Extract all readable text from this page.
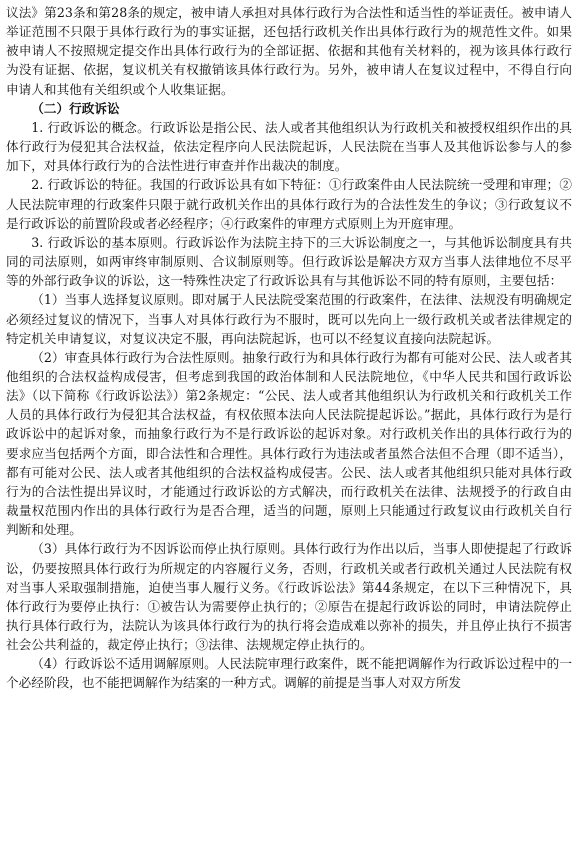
议法》第23条和第28条的规定，被申请人承担对具体行政行为合法性和适当性的举证责任。被申请人举证范围不只限于具体行政行为的事实证据，还包括行政机关作出具体行政行为的规范性文件。如果被申请人不按照规定提交作出具体行政行为的全部证据、依据和其他有关材料的，视为该具体行政行为没有证据、依据，复议机关有权撤销该具体行政行为。另外，被申请人在复议过程中，不得自行向申请人和其他有关组织或个人收集证据。

（二）行政诉讼

1. 行政诉讼的概念。行政诉讼是指公民、法人或者其他组织认为行政机关和被授权组织作出的具体行政行为侵犯其合法权益，依法定程序向人民法院起诉，人民法院在当事人及其他诉讼参与人的参加下，对具体行政行为的合法性进行审查并作出裁决的制度。

2. 行政诉讼的特征。我国的行政诉讼具有如下特征：①行政案件由人民法院统一受理和审理；②人民法院审理的行政案件只限于就行政机关作出的具体行政行为的合法性发生的争议；③行政复议不是行政诉讼的前置阶段或者必经程序；④行政案件的审理方式原则上为开庭审理。

3. 行政诉讼的基本原则。行政诉讼作为法院主持下的三大诉讼制度之一，与其他诉讼制度具有共同的司法原则，如两审终审制原则、合议制原则等。但行政诉讼是解决方双方当事人法律地位不尽平等的外部行政争议的诉讼，这一特殊性决定了行政诉讼具有与其他诉讼不同的特有原则，主要包括：

（1）当事人选择复议原则。即对属于人民法院受案范围的行政案件，在法律、法规没有明确规定必须经过复议的情况下，当事人对具体行政行为不服时，既可以先向上一级行政机关或者法律规定的特定机关申请复议，对复议决定不服，再向法院起诉，也可以不经复议直接向法院起诉。

（2）审查具体行政行为合法性原则。抽象行政行为和具体行政行为都有可能对公民、法人或者其他组织的合法权益构成侵害，但考虑到我国的政治体制和人民法院地位，《中华人民共和国行政诉讼法》（以下简称《行政诉讼法》）第2条规定：“公民、法人或者其他组织认为行政机关和行政机关工作人员的具体行政行为侵犯其合法权益，有权依照本法向人民法院提起诉讼。”据此，具体行政行为是行政诉讼中的起诉对象，而抽象行政行为不是行政诉讼的起诉对象。对行政机关作出的具体行政行为的要求应当包括两个方面，即合法性和合理性。具体行政行为违法或者虽然合法但不合理（即不适当），都有可能对公民、法人或者其他组织的合法权益构成侵害。公民、法人或者其他组织只能对具体行政行为的合法性提出异议时，才能通过行政诉讼的方式解决，而行政机关在法律、法规授予的行政自由裁量权范围内作出的具体行政行为是否合理，适当的问题，原则上只能通过行政复议由行政机关自行判断和处理。

（3）具体行政行为不因诉讼而停止执行原则。具体行政行为作出以后，当事人即使提起了行政诉讼，仍要按照具体行政行为所规定的内容履行义务，否则，行政机关或者行政机关通过人民法院有权对当事人采取强制措施，迫使当事人履行义务。《行政诉讼法》第44条规定，在以下三种情况下，具体行政行为要停止执行：①被告认为需要停止执行的；②原告在提起行政诉讼的同时，申请法院停止执行具体行政行为，法院认为该具体行政行为的执行将会造成难以弥补的损失，并且停止执行不损害社会公共利益的，裁定停止执行；③法律、法规规定停止执行的。

（4）行政诉讼不适用调解原则。人民法院审理行政案件，既不能把调解作为行政诉讼过程中的一个必经阶段，也不能把调解作为结案的一种方式。调解的前提是当事人对双方所发
